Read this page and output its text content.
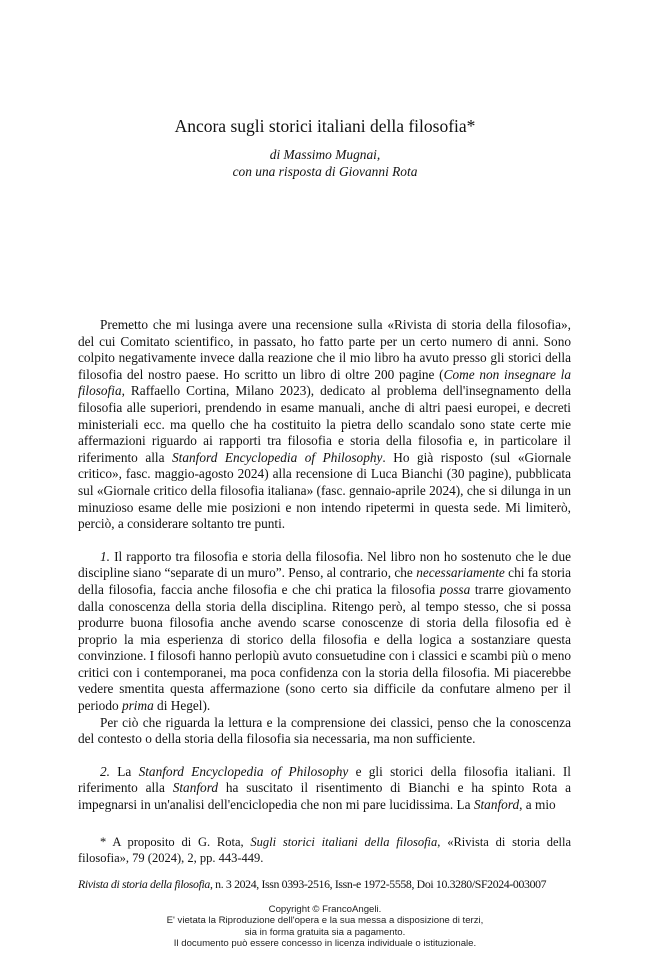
Ancora sugli storici italiani della filosofia*
di Massimo Mugnai,
con una risposta di Giovanni Rota

Premetto che mi lusinga avere una recensione sulla «Rivista di storia della filosofia», del cui Comitato scientifico, in passato, ho fatto parte per un certo numero di anni. Sono colpito negativamente invece dalla reazione che il mio libro ha avuto presso gli storici della filosofia del nostro paese. Ho scritto un libro di oltre 200 pagine (Come non insegnare la filosofia, Raffaello Cortina, Milano 2023), dedicato al problema dell'insegnamento della filosofia alle superiori, prendendo in esame manuali, anche di altri paesi europei, e decreti ministeriali ecc. ma quello che ha costituito la pietra dello scandalo sono state certe mie affermazioni riguardo ai rapporti tra filosofia e storia della filosofia e, in particolare il riferimento alla Stanford Encyclopedia of Philosophy. Ho già risposto (sul «Giornale critico», fasc. maggio-agosto 2024) alla recensione di Luca Bianchi (30 pagine), pubblicata sul «Giornale critico della filosofia italiana» (fasc. gennaio-aprile 2024), che si dilunga in un minuzioso esame delle mie posizioni e non intendo ripetermi in questa sede. Mi limiterò, perciò, a considerare soltanto tre punti.

1. Il rapporto tra filosofia e storia della filosofia. Nel libro non ho sostenuto che le due discipline siano “separate di un muro”. Penso, al contrario, che necessariamente chi fa storia della filosofia, faccia anche filosofia e che chi pratica la filosofia possa trarre giovamento dalla conoscenza della storia della disciplina. Ritengo però, al tempo stesso, che si possa produrre buona filosofia anche avendo scarse conoscenze di storia della filosofia ed è proprio la mia esperienza di storico della filosofia e della logica a sostanziare questa convinzione. I filosofi hanno perlopiù avuto consuetudine con i classici e scambi più o meno critici con i contemporanei, ma poca confidenza con la storia della filosofia. Mi piacerebbe vedere smentita questa affermazione (sono certo sia difficile da confutare almeno per il periodo prima di Hegel).

Per ciò che riguarda la lettura e la comprensione dei classici, penso che la conoscenza del contesto o della storia della filosofia sia necessaria, ma non sufficiente.

2. La Stanford Encyclopedia of Philosophy e gli storici della filosofia italiani. Il riferimento alla Stanford ha suscitato il risentimento di Bianchi e ha spinto Rota a impegnarsi in un'analisi dell'enciclopedia che non mi pare lucidissima. La Stanford, a mio

* A proposito di G. Rota, Sugli storici italiani della filosofia, «Rivista di storia della filosofia», 79 (2024), 2, pp. 443-449.

Rivista di storia della filosofia, n. 3 2024, Issn 0393-2516, Issn-e 1972-5558, Doi 10.3280/SF2024-003007
Copyright © FrancoAngeli.
E' vietata la Riproduzione dell'opera e la sua messa a disposizione di terzi,
sia in forma gratuita sia a pagamento.
Il documento può essere concesso in licenza individuale o istituzionale.
